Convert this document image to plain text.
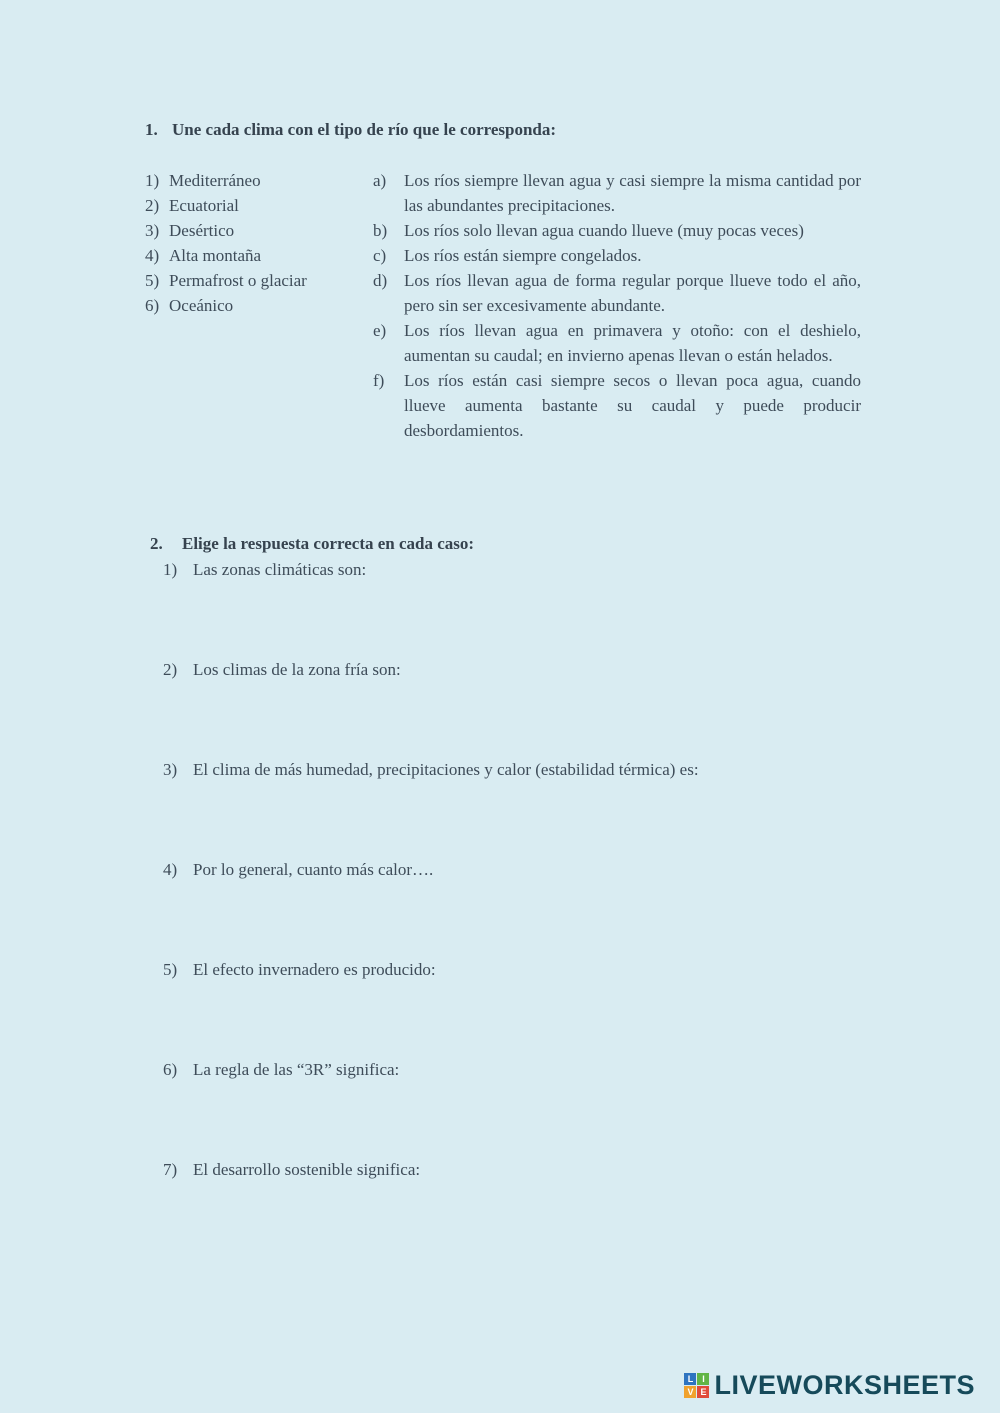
1. Une cada clima con el tipo de río que le corresponda:
1) Mediterráneo
2) Ecuatorial
3) Desértico
4) Alta montaña
5) Permafrost o glaciar
6) Oceánico
a)	Los ríos siempre llevan agua y casi siempre la misma cantidad por las abundantes precipitaciones.
b) Los ríos solo llevan agua cuando llueve (muy pocas veces)
c)	Los ríos están siempre congelados.
d) Los ríos llevan agua de forma regular porque llueve todo el año, pero sin ser excesivamente abundante.
e)	Los ríos llevan agua en primavera y otoño: con el deshielo, aumentan su caudal; en invierno apenas llevan o están helados.
f)	Los ríos están casi siempre secos o llevan poca agua, cuando llueve aumenta bastante su caudal y puede producir desbordamientos.
2.	Elige la respuesta correcta en cada caso:
1) Las zonas climáticas son:
2) Los climas de la zona fría son:
3) El clima de más humedad, precipitaciones y calor (estabilidad térmica) es:
4) Por lo general, cuanto más calor….
5) El efecto invernadero es producido:
6) La regla de las “3R” significa:
7) El desarrollo sostenible significa:
L I
V E LIVEWORKSHEETS
